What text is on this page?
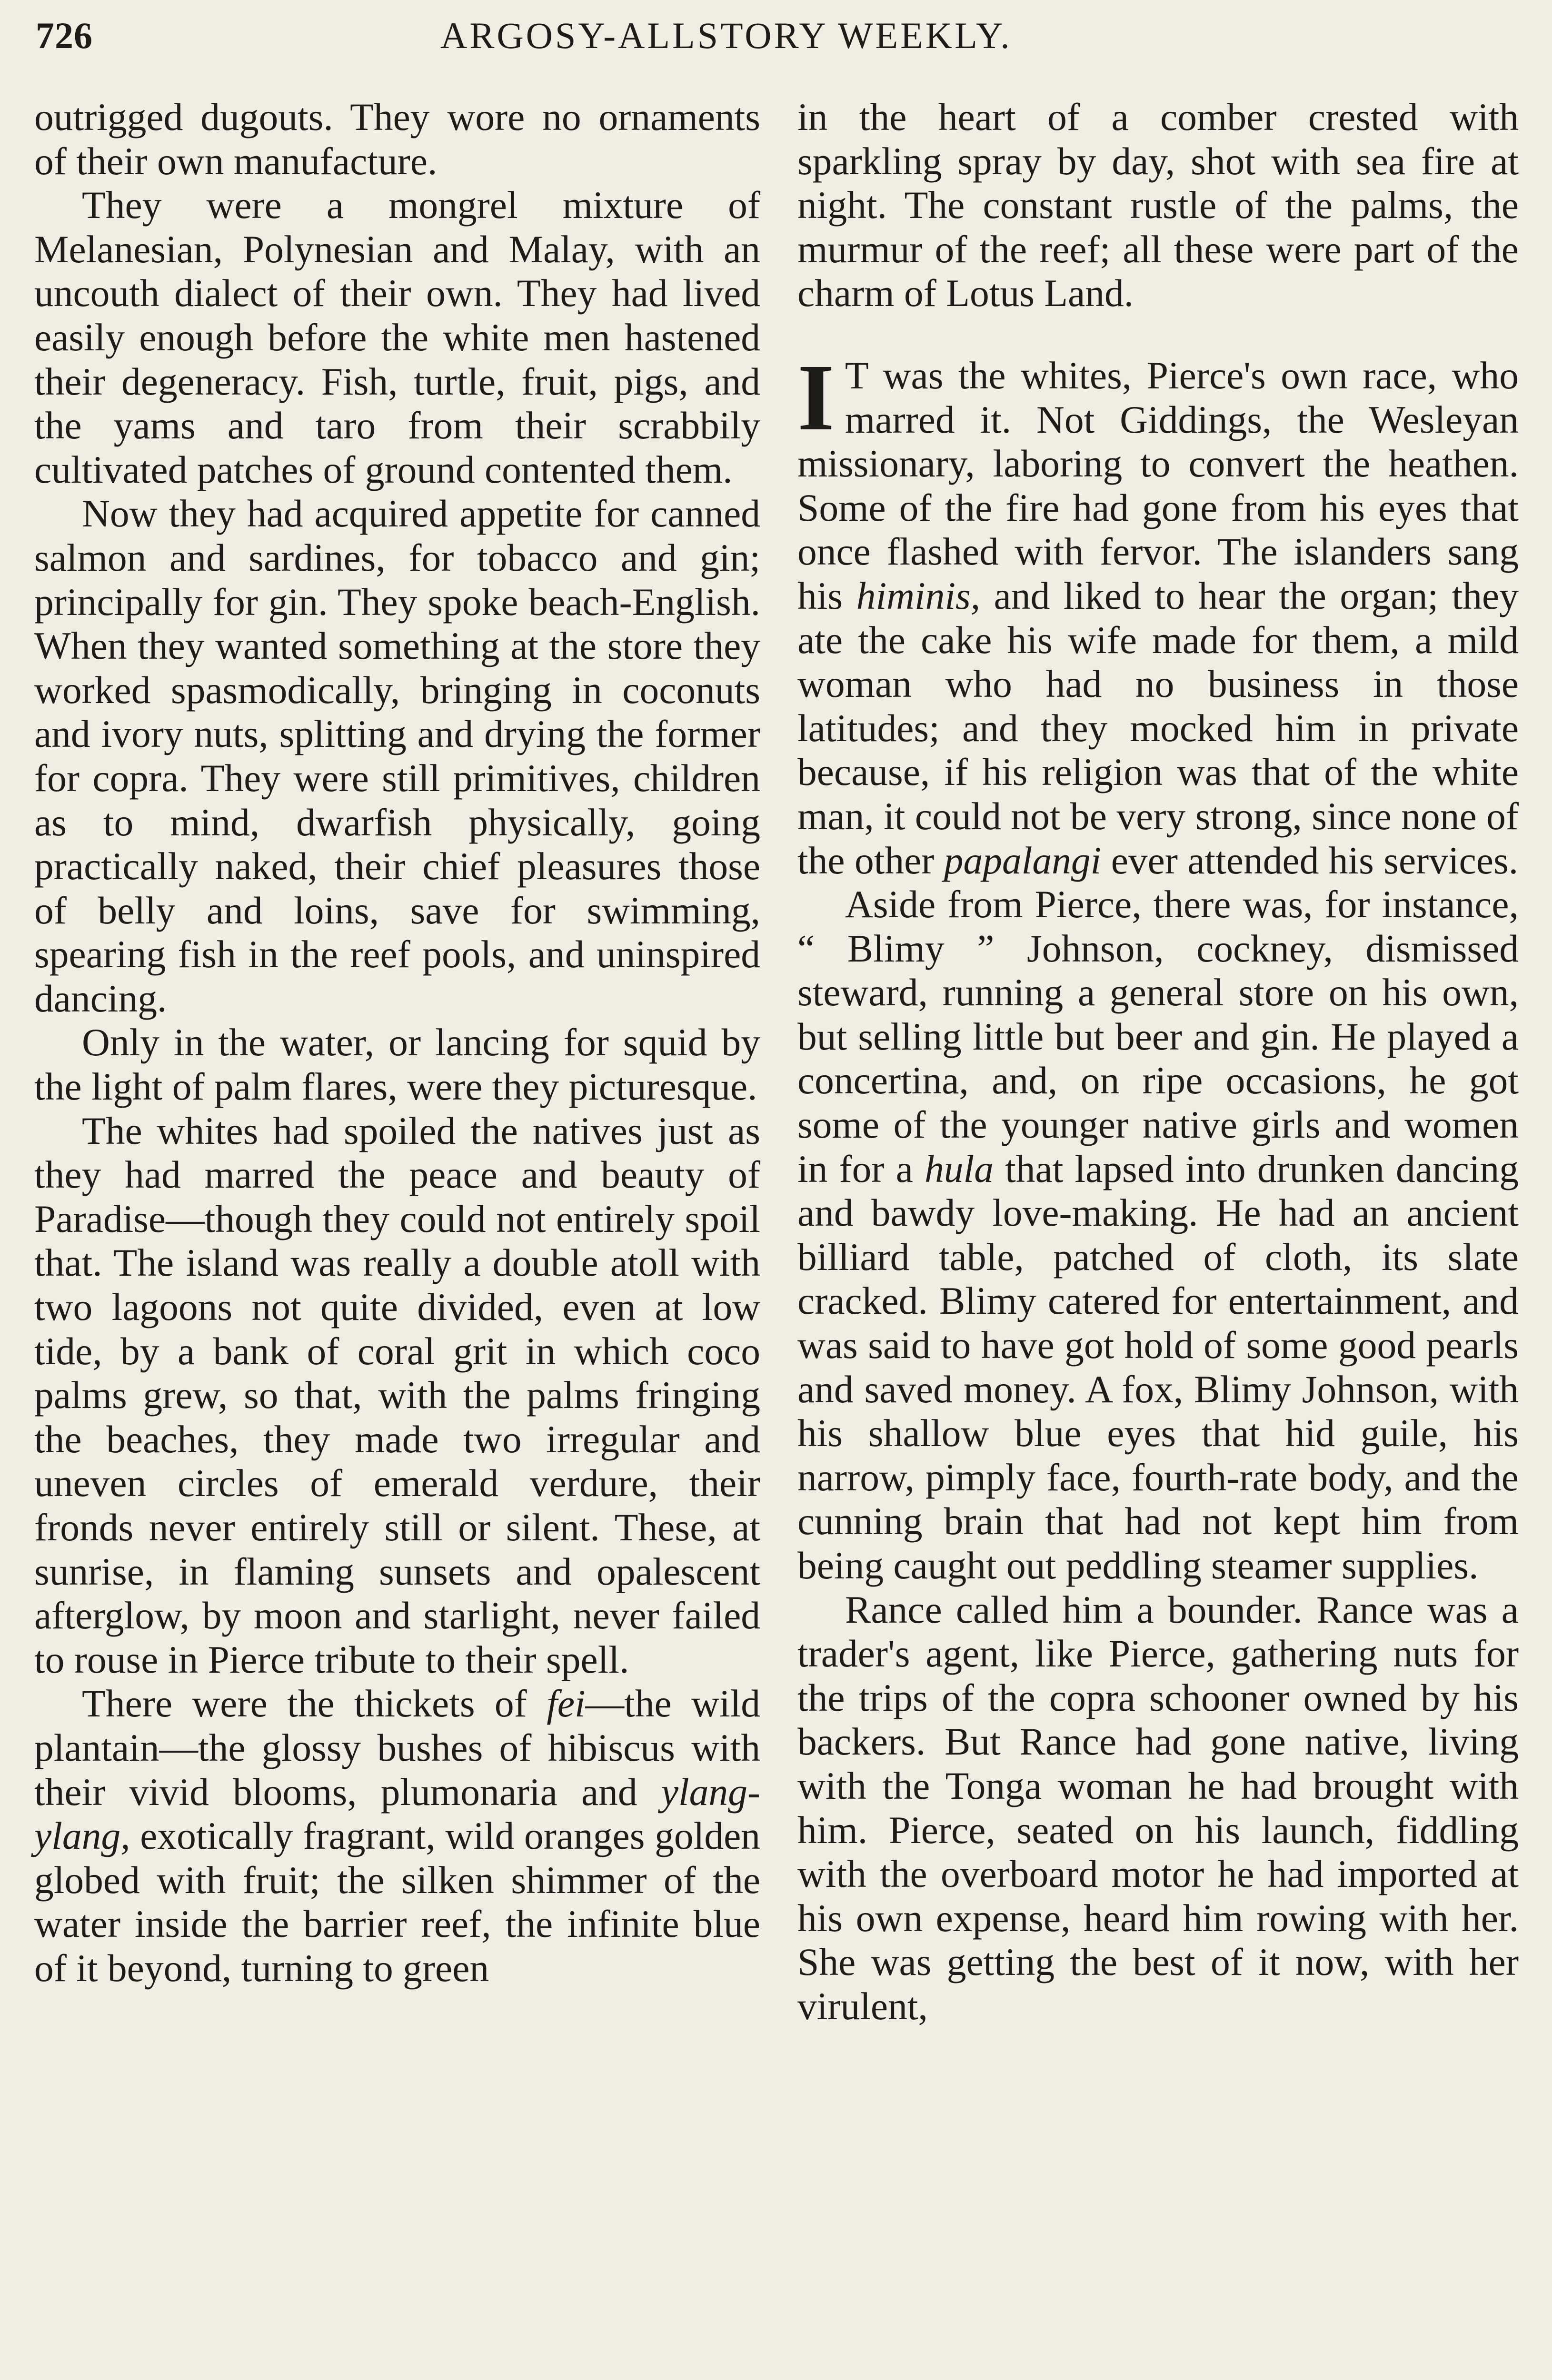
726	ARGOSY-ALLSTORY WEEKLY.

outrigged dugouts. They wore no ornaments of their own manufacture.

They were a mongrel mixture of Melanesian, Polynesian and Malay, with an uncouth dialect of their own. They had lived easily enough before the white men hastened their degeneracy. Fish, turtle, fruit, pigs, and the yams and taro from their scrabbily cultivated patches of ground contented them.

Now they had acquired appetite for canned salmon and sardines, for tobacco and gin; principally for gin. They spoke beach-English. When they wanted something at the store they worked spasmodically, bringing in coconuts and ivory nuts, splitting and drying the former for copra. They were still primitives, children as to mind, dwarfish physically, going practically naked, their chief pleasures those of belly and loins, save for swimming, spearing fish in the reef pools, and uninspired dancing.

Only in the water, or lancing for squid by the light of palm flares, were they picturesque.

The whites had spoiled the natives just as they had marred the peace and beauty of Paradise—though they could not entirely spoil that. The island was really a double atoll with two lagoons not quite divided, even at low tide, by a bank of coral grit in which coco palms grew, so that, with the palms fringing the beaches, they made two irregular and uneven circles of emerald verdure, their fronds never entirely still or silent. These, at sunrise, in flaming sunsets and opalescent afterglow, by moon and starlight, never failed to rouse in Pierce tribute to their spell.

There were the thickets of fei—the wild plantain—the glossy bushes of hibiscus with their vivid blooms, plumonaria and ylang-ylang, exotically fragrant, wild oranges golden globed with fruit; the silken shimmer of the water inside the barrier reef, the infinite blue of it beyond, turning to green

in the heart of a comber crested with sparkling spray by day, shot with sea fire at night. The constant rustle of the palms, the murmur of the reef; all these were part of the charm of Lotus Land.

I T was the whites, Pierce's own race, who marred it. Not Giddings, the Wesleyan missionary, laboring to convert the heathen. Some of the fire had gone from his eyes that once flashed with fervor. The islanders sang his himinis, and liked to hear the organ; they ate the cake his wife made for them, a mild woman who had no business in those latitudes; and they mocked him in private because, if his religion was that of the white man, it could not be very strong, since none of the other papalangi ever attended his services.

Aside from Pierce, there was, for instance, “ Blimy ” Johnson, cockney, dismissed steward, running a general store on his own, but selling little but beer and gin. He played a concertina, and, on ripe occasions, he got some of the younger native girls and women in for a hula that lapsed into drunken dancing and bawdy love-making. He had an ancient billiard table, patched of cloth, its slate cracked. Blimy catered for entertainment, and was said to have got hold of some good pearls and saved money. A fox, Blimy Johnson, with his shallow blue eyes that hid guile, his narrow, pimply face, fourth-rate body, and the cunning brain that had not kept him from being caught out peddling steamer supplies.

Rance called him a bounder. Rance was a trader's agent, like Pierce, gathering nuts for the trips of the copra schooner owned by his backers. But Rance had gone native, living with the Tonga woman he had brought with him. Pierce, seated on his launch, fiddling with the overboard motor he had imported at his own expense, heard him rowing with her. She was getting the best of it now, with her virulent,
